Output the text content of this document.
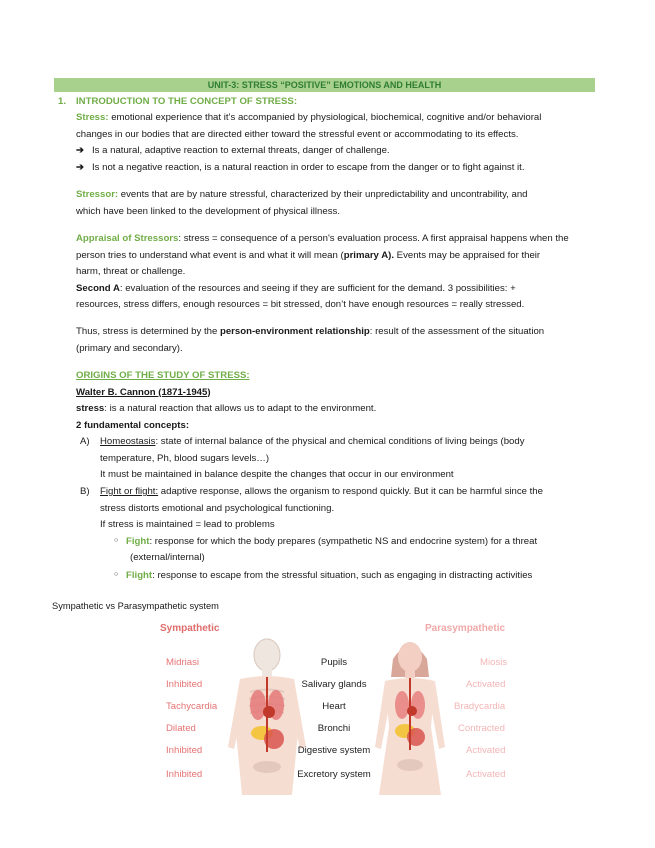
UNIT-3: STRESS “POSITIVE” EMOTIONS AND HEALTH
1. INTRODUCTION TO THE CONCEPT OF STRESS:
Stress: emotional experience that it’s accompanied by physiological, biochemical, cognitive and/or behavioral
changes in our bodies that are directed either toward the stressful event or accommodating to its effects.
➔ Is a natural, adaptive reaction to external threats, danger of challenge.
➔ Is not a negative reaction, is a natural reaction in order to escape from the danger or to fight against it.
Stressor: events that are by nature stressful, characterized by their unpredictability and uncontrability, and
which have been linked to the development of physical illness.
Appraisal of Stressors: stress = consequence of a person's evaluation process. A first appraisal happens when the
person tries to understand what event is and what it will mean (primary A). Events may be appraised for their
harm, threat or challenge.
Second A: evaluation of the resources and seeing if they are sufficient for the demand. 3 possibilities: +
resources, stress differs, enough resources = bit stressed, don’t have enough resources = really stressed.
Thus, stress is determined by the person-environment relationship: result of the assessment of the situation
(primary and secondary).
ORIGINS OF THE STUDY OF STRESS:
Walter B. Cannon (1871-1945)
stress: is a natural reaction that allows us to adapt to the environment.
2 fundamental concepts:
A) Homeostasis: state of internal balance of the physical and chemical conditions of living beings (body
temperature, Ph, blood sugars levels…)
It must be maintained in balance despite the changes that occur in our environment
B) Fight or flight: adaptive response, allows the organism to respond quickly. But it can be harmful since the
stress distorts emotional and psychological functioning.
If stress is maintained = lead to problems
○ Fight: response for which the body prepares (sympathetic NS and endocrine system) for a threat
(external/internal)
○ Flight: response to escape from the stressful situation, such as engaging in distracting activities
Sympathetic vs Parasympathetic system
Sympathetic	Parasympathetic
Midriasi	Pupils	Miosis
Inhibited	Salivary glands	Activated
Tachycardia	Heart	Bradycardia
Dilated	Bronchi	Contracted
Inhibited	Digestive system	Activated
Inhibited	Excretory system	Activated
